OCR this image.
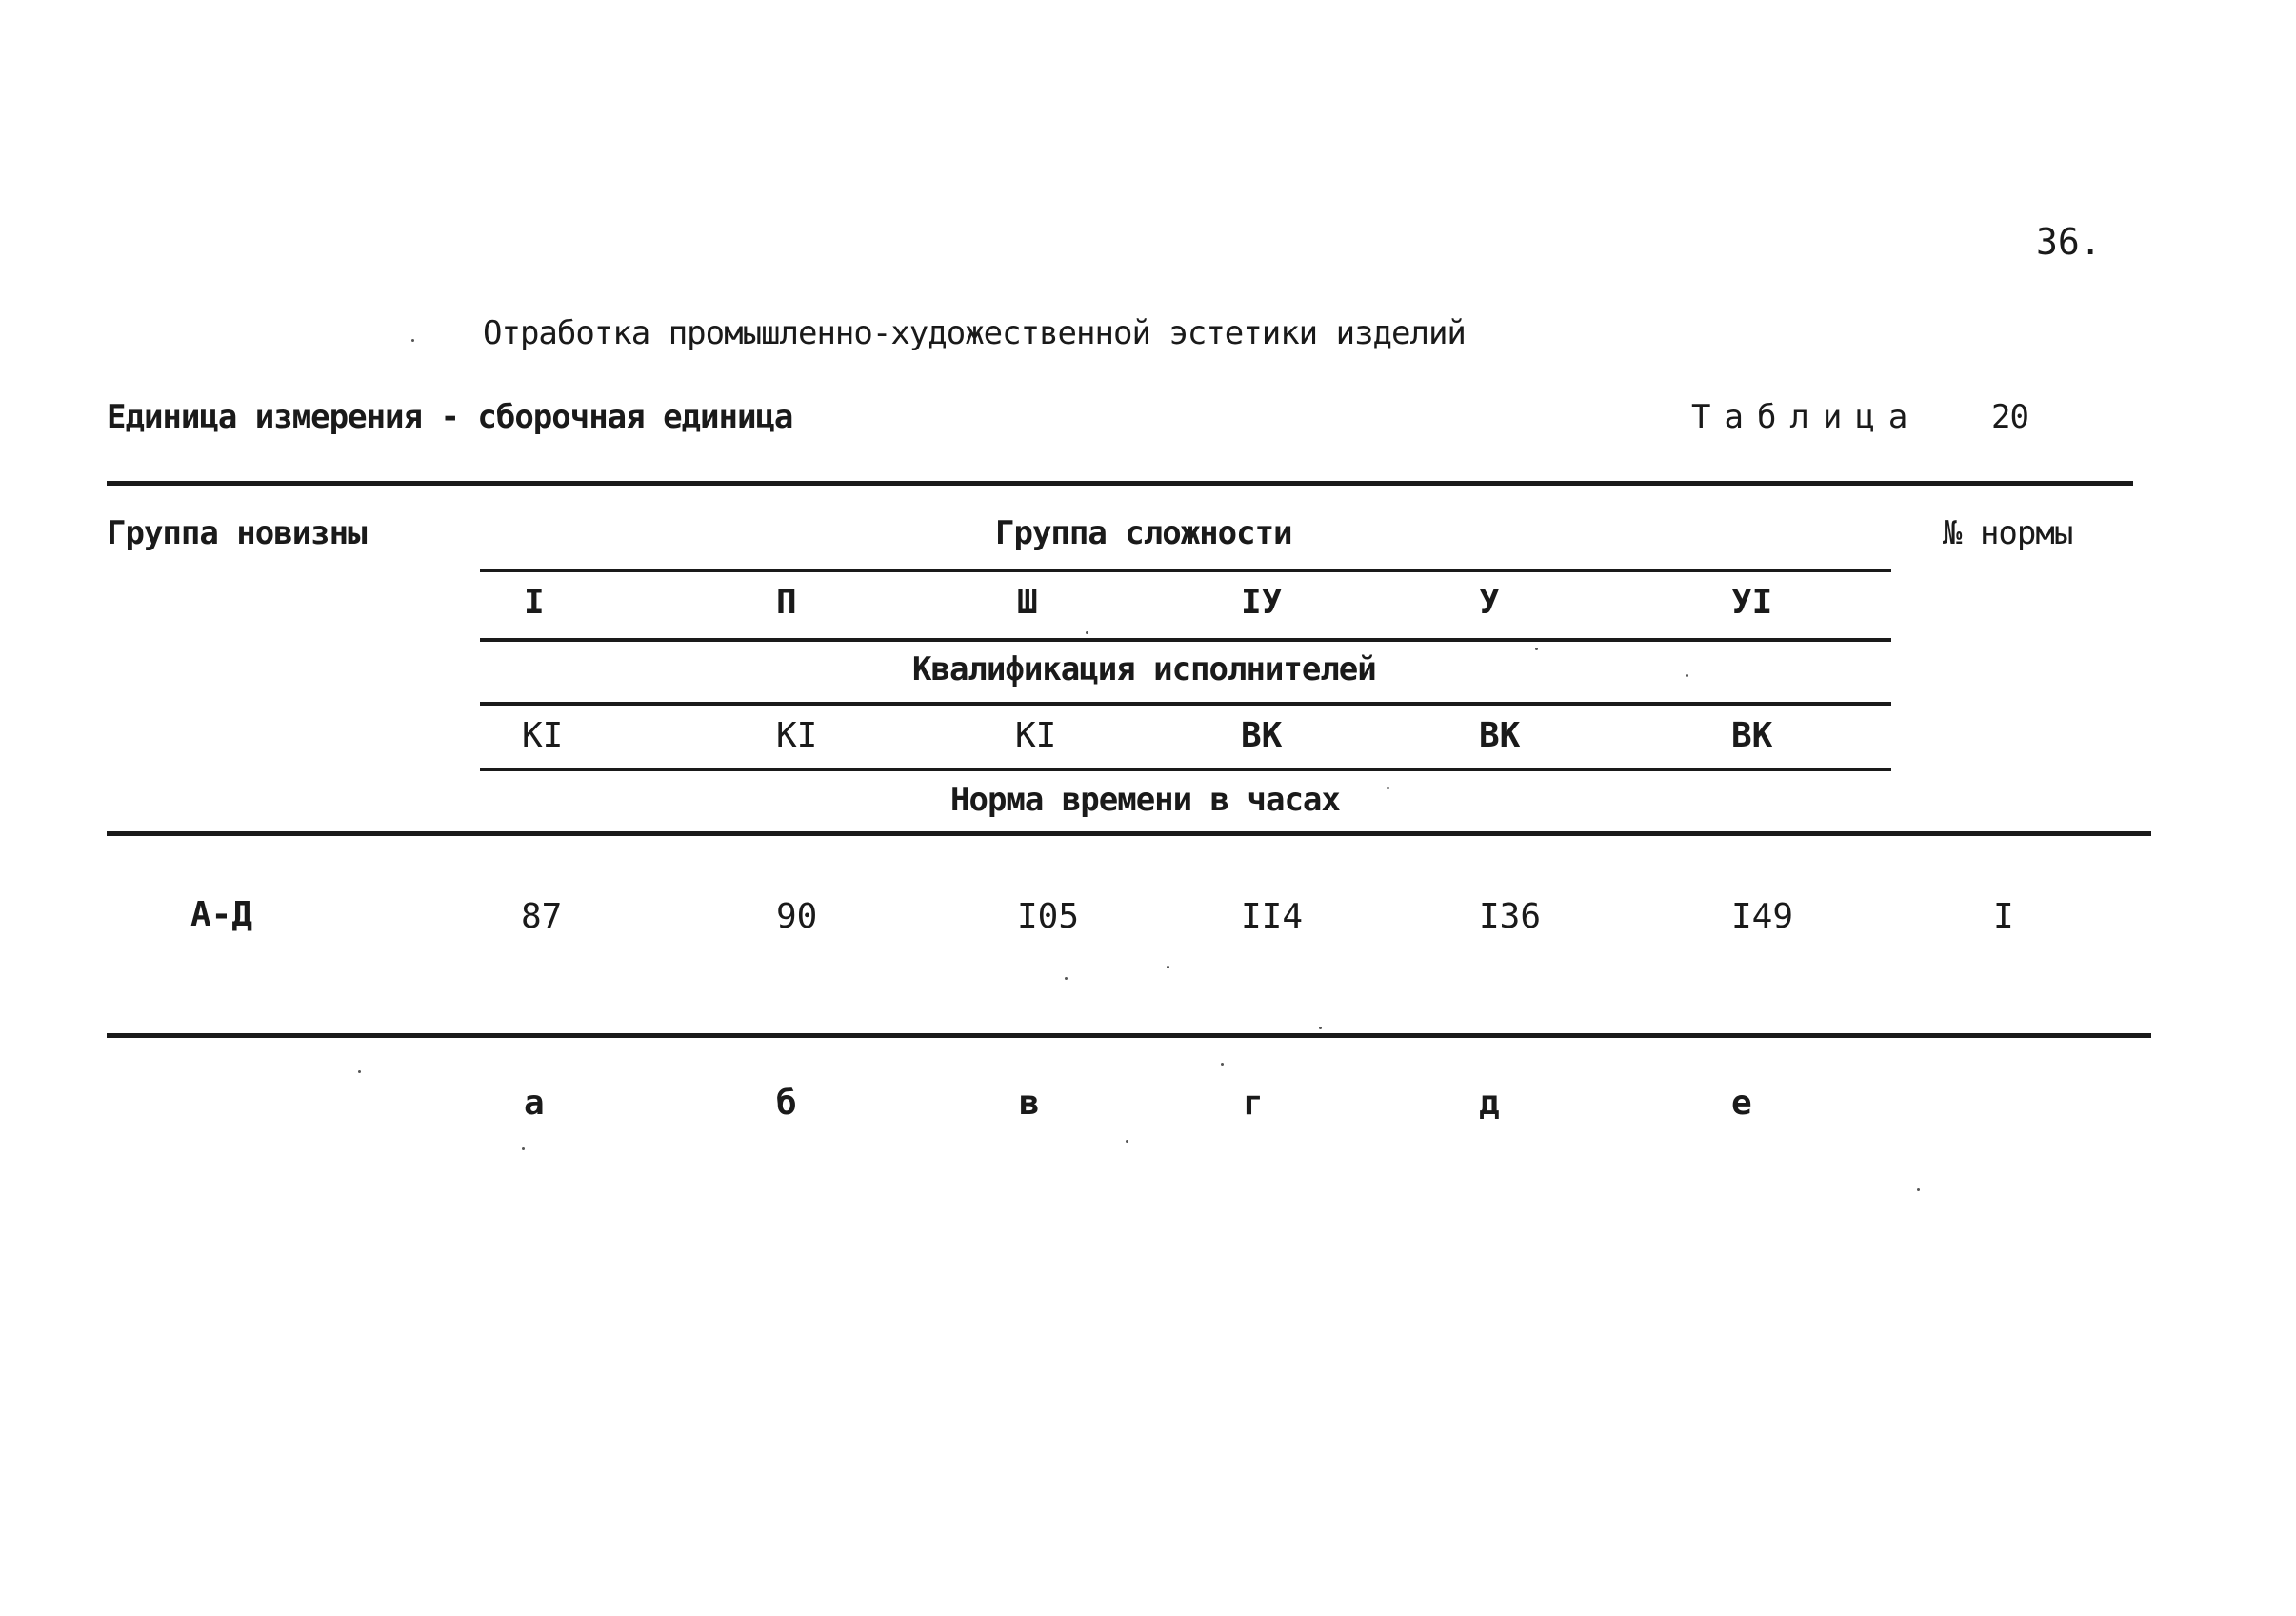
36.
Отработка промышленно-художественной эстетики изделий
Единица измерения - сборочная единица	Таблица 20
Группа новизны	Группа сложности	№ нормы
I	П	Ш	IУ	У	УI
Квалификация исполнителей
КI	КI	КI	ВК	ВК	ВК
Норма времени в часах
А-Д	87	90	I05	II4	I36	I49	I
а	б	в	г	д	е
